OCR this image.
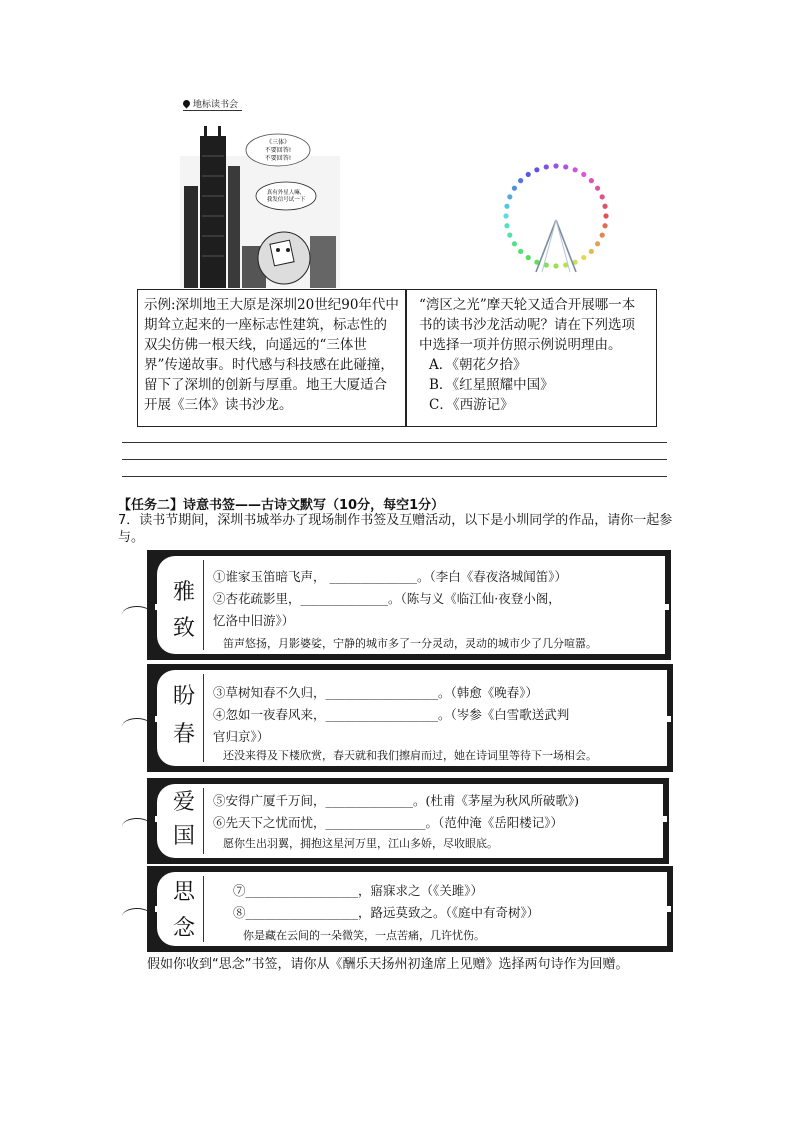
地标读书会
《三体》
不要回答!
不要回答!
真有外星人嘛，
我发信号试一下
示例:深圳地王大原是深圳20世纪90年代中期耸立起来的一座标志性建筑，标志性的双尖仿佛一根天线，向遥远的“三体世界”传递故事。时代感与科技感在此碰撞，留下了深圳的创新与厚重。地王大厦适合开展《三体》读书沙龙。
“湾区之光”摩天轮又适合开展哪一本书的读书沙龙活动呢？请在下列选项中选择一项并仿照示例说明理由。
A．《朝花夕拾》
B．《红星照耀中国》
C．《西游记》
【任务二】诗意书签——古诗文默写（10分，每空1分）
7．读书节期间，深圳书城举办了现场制作书签及互赠活动，以下是小圳同学的作品，请你一起参与。
雅
致
①谁家玉笛暗飞声， ______________。（李白《春夜洛城闻笛》）
②杏花疏影里，______________。（陈与义《临江仙·夜登小阁，
忆洛中旧游》）
笛声悠扬，月影婆娑，宁静的城市多了一分灵动，灵动的城市少了几分喧嚣。
盼
春
③草树知春不久归，__________________。（韩愈《晚春》）
④忽如一夜春风来，__________________。（岑参《白雪歌送武判
官归京》）
还没来得及下楼欣赏，春天就和我们擦肩而过，她在诗词里等待下一场相会。
爱
国
⑤安得广厦千万间，______________。(杜甫《茅屋为秋风所破歌》)
⑥先天下之忧而忧，________________。（范仲淹《岳阳楼记》）
愿你生出羽翼，拥抱这星河万里，江山多娇，尽收眼底。
思
念
⑦__________________，寤寐求之（《关雎》）
⑧__________________，路远莫致之。（《庭中有奇树》）
你是藏在云间的一朵微笑，一点苦痛，几许忧伤。
假如你收到“思念”书签，请你从《酬乐天扬州初逢席上见赠》选择两句诗作为回赠。
